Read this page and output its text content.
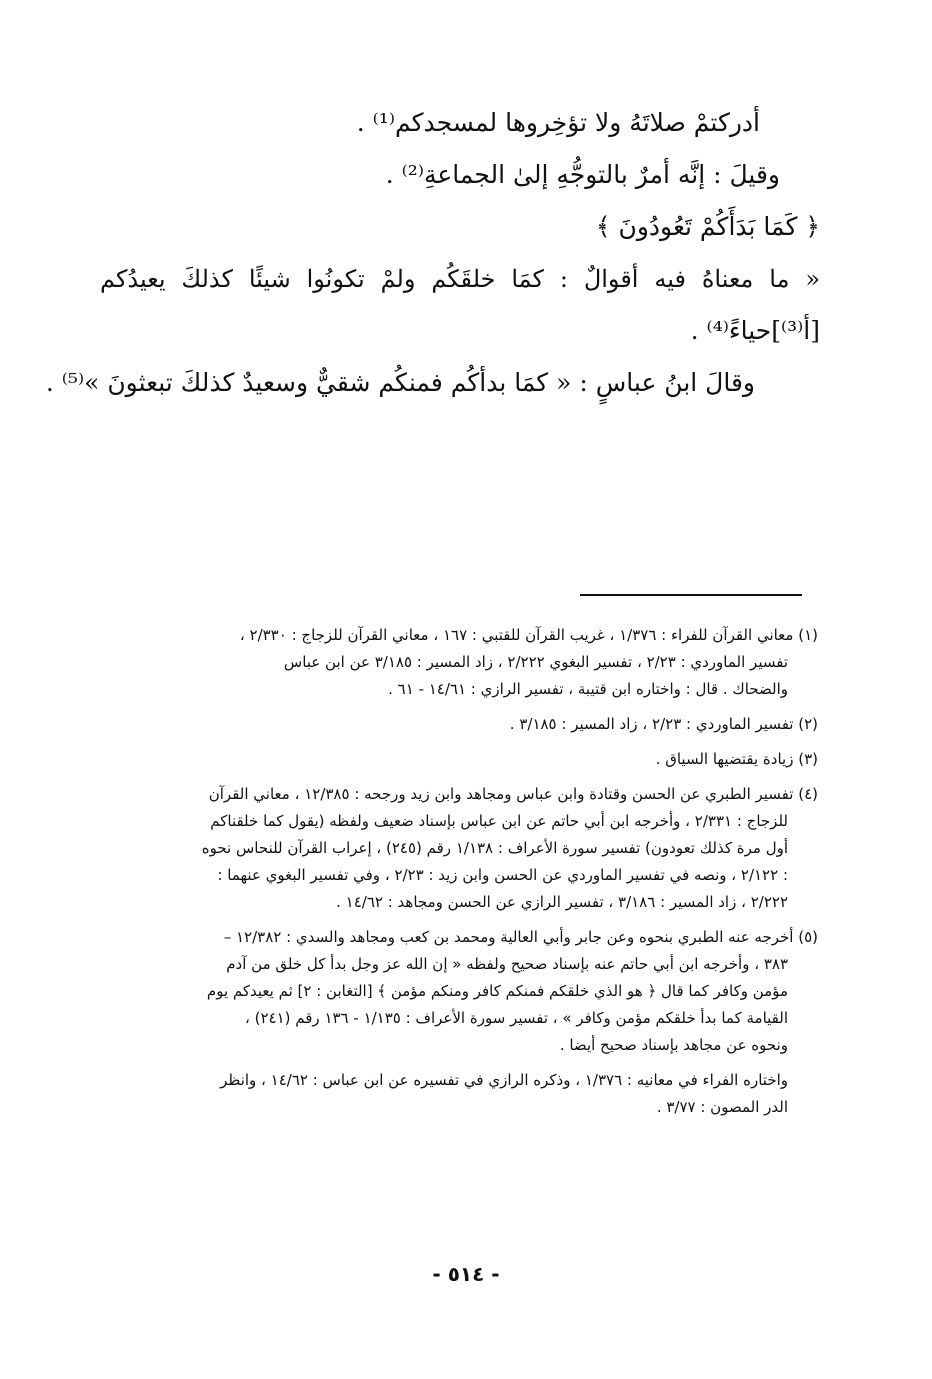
أدركتمْ صلاتَهُ ولا تؤخِروها لمسجدكم⁽¹⁾ .
وقيلَ : إنَّه أمرٌ بالتوجُّهِ إلىٰ الجماعةِ⁽²⁾ .
﴿ كَمَا بَدَأَكُمْ تَعُودُونَ ﴾
« ما معناهُ فيه أقوالٌ : كمَا خلقَكُم ولمْ تكونُوا شيئًا كذلكَ يعيدُكم
[أ⁽³⁾]حياءً⁽⁴⁾ .
وقالَ ابنُ عباسٍ : « كمَا بدأكُم فمنكُم شقيٌّ وسعيدٌ كذلكَ تبعثونَ »⁽⁵⁾ .
(١) معاني القرآن للفراء : ١/٣٧٦ ، غريب القرآن للقتبي : ١٦٧ ، معاني القرآن للزجاج : ٢/٣٣٠ ،
تفسير الماوردي : ٢/٢٣ ، تفسير البغوي ٢/٢٢٢ ، زاد المسير : ٣/١٨٥ عن ابن عباس
والضحاك . قال : واختاره ابن قتيبة ، تفسير الرازي : ١٤/٦١ - ٦١ .
(٢) تفسير الماوردي : ٢/٢٣ ، زاد المسير : ٣/١٨٥ .
(٣) زيادة يقتضيها السياق .
(٤) تفسير الطبري عن الحسن وقتادة وابن عباس ومجاهد وابن زيد ورجحه : ١٢/٣٨٥ ، معاني القرآن
للزجاج : ٢/٣٣١ ، وأخرجه ابن أبي حاتم عن ابن عباس بإسناد ضعيف ولفظه (يقول كما خلقناكم
أول مرة كذلك تعودون) تفسير سورة الأعراف : ١/١٣٨ رقم (٢٤٥) ، إعراب القرآن للنحاس نحوه
: ٢/١٢٢ ، ونصه في تفسير الماوردي عن الحسن وابن زيد : ٢/٢٣ ، وفي تفسير البغوي عنهما :
٢/٢٢٢ ، زاد المسير : ٣/١٨٦ ، تفسير الرازي عن الحسن ومجاهد : ١٤/٦٢ .
(٥) أخرجه عنه الطبري بنحوه وعن جابر وأبي العالية ومحمد بن كعب ومجاهد والسدي : ١٢/٣٨٢ –
٣٨٣ ، وأخرجه ابن أبي حاتم عنه بإسناد صحيح ولفظه « إن الله عز وجل بدأ كل خلق من آدم
مؤمن وكافر كما قال ﴿ هو الذي خلقكم فمنكم كافر ومنكم مؤمن ﴾ [التغابن : ٢] ثم يعيدكم يوم
القيامة كما بدأ خلقكم مؤمن وكافر » ، تفسير سورة الأعراف : ١/١٣٥ - ١٣٦ رقم (٢٤١) ،
ونحوه عن مجاهد بإسناد صحيح أيضا .
واختاره الفراء في معانيه : ١/٣٧٦ ، وذكره الرازي في تفسيره عن ابن عباس : ١٤/٦٢ ، وانظر
الدر المصون : ٣/٧٧ .
- ٥١٤ -
